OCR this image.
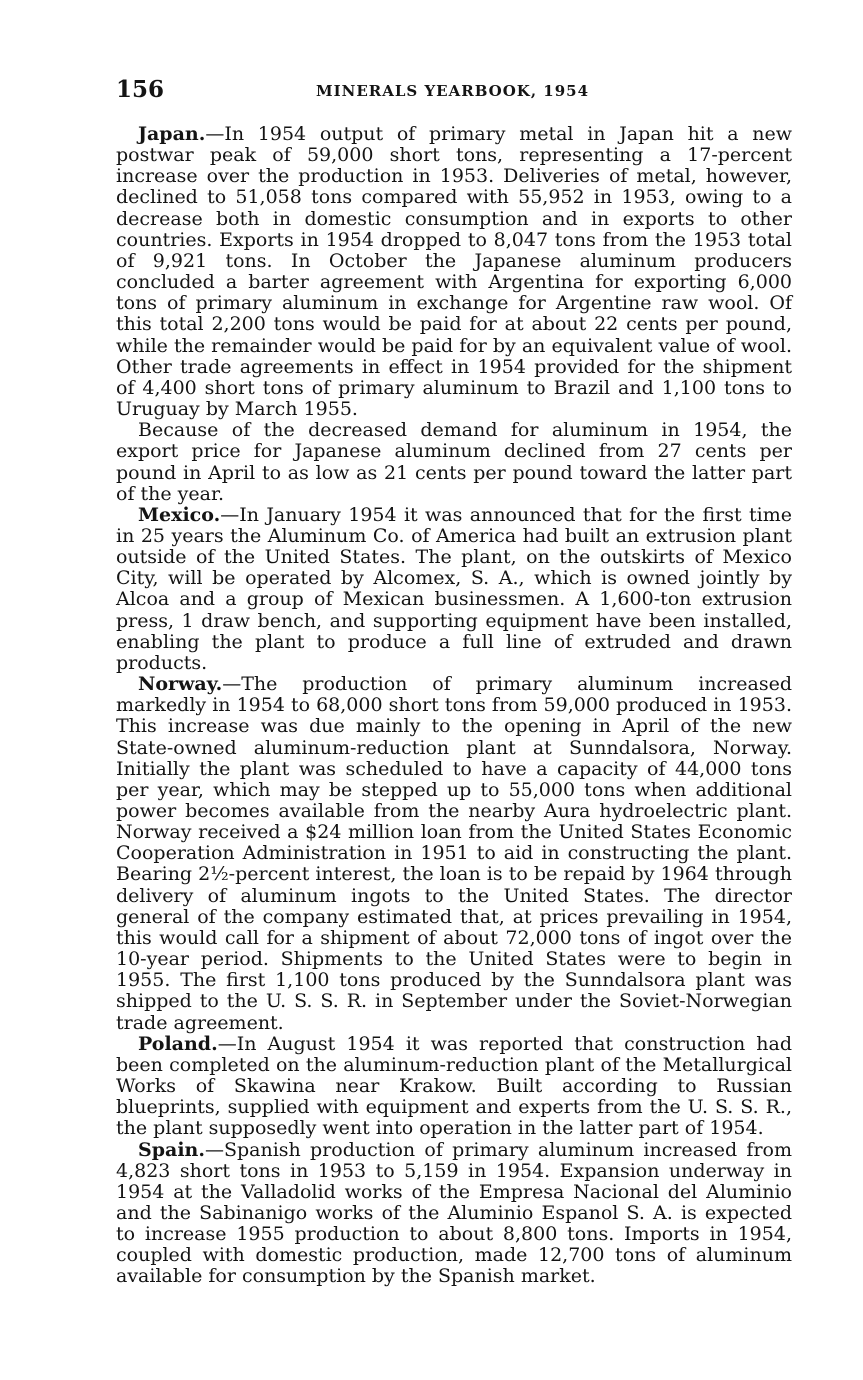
156	MINERALS YEARBOOK, 1954

Japan.—In 1954 output of primary metal in Japan hit a new postwar peak of 59,000 short tons, representing a 17-percent increase over the production in 1953. Deliveries of metal, however, declined to 51,058 tons compared with 55,952 in 1953, owing to a decrease both in domestic consumption and in exports to other countries. Exports in 1954 dropped to 8,047 tons from the 1953 total of 9,921 tons. In October the Japanese aluminum producers concluded a barter agreement with Argentina for exporting 6,000 tons of primary aluminum in exchange for Argentine raw wool. Of this total 2,200 tons would be paid for at about 22 cents per pound, while the remainder would be paid for by an equivalent value of wool. Other trade agreements in effect in 1954 provided for the shipment of 4,400 short tons of primary aluminum to Brazil and 1,100 tons to Uruguay by March 1955.

Because of the decreased demand for aluminum in 1954, the export price for Japanese aluminum declined from 27 cents per pound in April to as low as 21 cents per pound toward the latter part of the year.

Mexico.—In January 1954 it was announced that for the first time in 25 years the Aluminum Co. of America had built an extrusion plant outside of the United States. The plant, on the outskirts of Mexico City, will be operated by Alcomex, S. A., which is owned jointly by Alcoa and a group of Mexican businessmen. A 1,600-ton extrusion press, 1 draw bench, and supporting equipment have been installed, enabling the plant to produce a full line of extruded and drawn products.

Norway.—The production of primary aluminum increased markedly in 1954 to 68,000 short tons from 59,000 produced in 1953. This increase was due mainly to the opening in April of the new State-owned aluminum-reduction plant at Sunndalsora, Norway. Initially the plant was scheduled to have a capacity of 44,000 tons per year, which may be stepped up to 55,000 tons when additional power becomes available from the nearby Aura hydroelectric plant. Norway received a $24 million loan from the United States Economic Cooperation Administration in 1951 to aid in constructing the plant. Bearing 2½-percent interest, the loan is to be repaid by 1964 through delivery of aluminum ingots to the United States. The director general of the company estimated that, at prices prevailing in 1954, this would call for a shipment of about 72,000 tons of ingot over the 10-year period. Shipments to the United States were to begin in 1955. The first 1,100 tons produced by the Sunndalsora plant was shipped to the U. S. S. R. in September under the Soviet-Norwegian trade agreement.

Poland.—In August 1954 it was reported that construction had been completed on the aluminum-reduction plant of the Metallurgical Works of Skawina near Krakow. Built according to Russian blueprints, supplied with equipment and experts from the U. S. S. R., the plant supposedly went into operation in the latter part of 1954.

Spain.—Spanish production of primary aluminum increased from 4,823 short tons in 1953 to 5,159 in 1954. Expansion underway in 1954 at the Valladolid works of the Empresa Nacional del Aluminio and the Sabinanigo works of the Aluminio Espanol S. A. is expected to increase 1955 production to about 8,800 tons. Imports in 1954, coupled with domestic production, made 12,700 tons of aluminum available for consumption by the Spanish market.
